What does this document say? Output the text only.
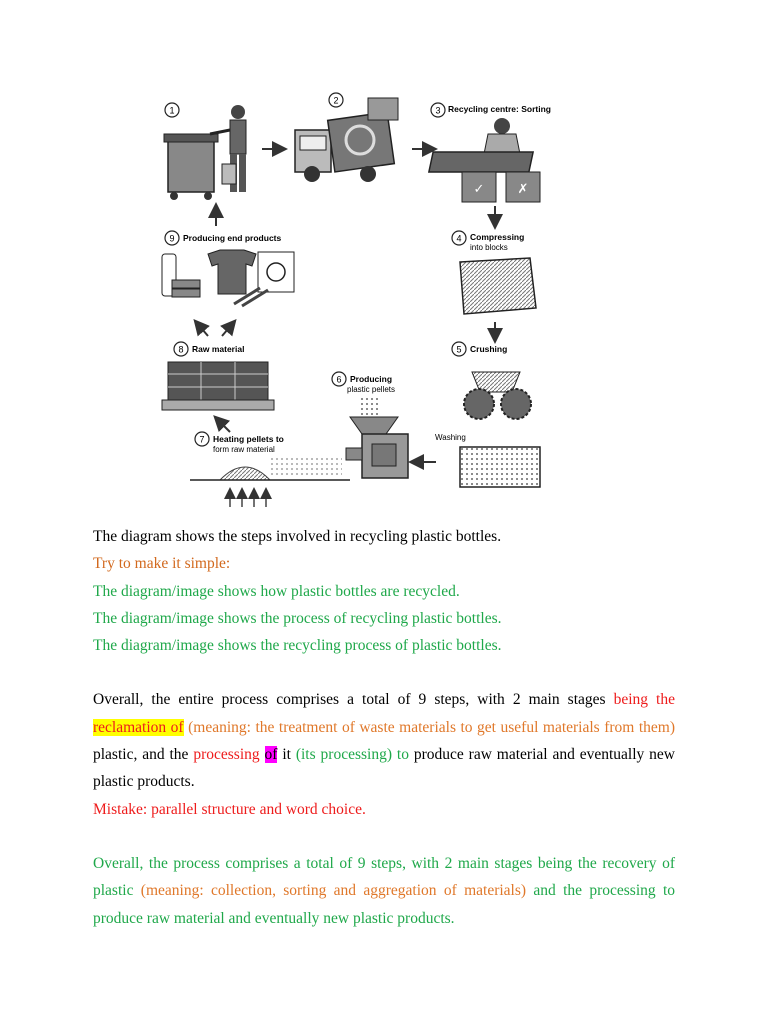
1
2
3 Recycling centre: Sorting
✓	✗
4 Compressing
into blocks
5 Crushing
Washing
6 Producing
plastic pellets
7 Heating pellets to
form raw material
8 Raw material
9 Producing end products

The diagram shows the steps involved in recycling plastic bottles.

Try to make it simple:

The diagram/image shows how plastic bottles are recycled.

The diagram/image shows the process of recycling plastic bottles.

The diagram/image shows the recycling process of plastic bottles.

Overall, the entire process comprises a total of 9 steps, with 2 main stages being the reclamation of (meaning: the treatment of waste materials to get useful materials from them) plastic, and the processing of it (its processing) to produce raw material and eventually new plastic products.

Mistake: parallel structure and word choice.

Overall, the process comprises a total of 9 steps, with 2 main stages being the recovery of plastic (meaning: collection, sorting and aggregation of materials) and the processing to produce raw material and eventually new plastic products.
